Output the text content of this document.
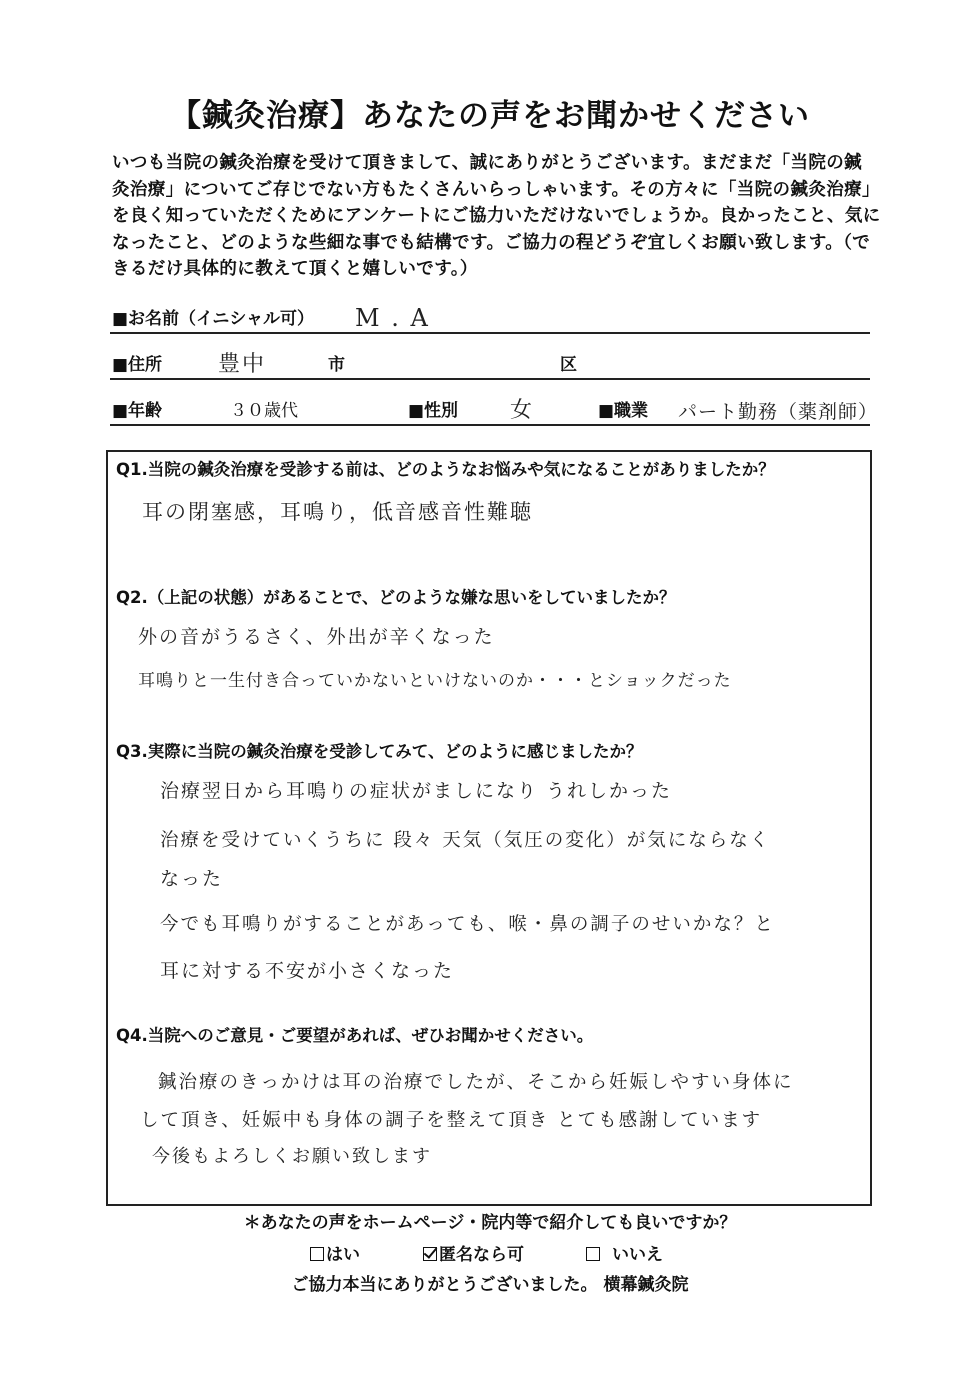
【鍼灸治療】あなたの声をお聞かせください
いつも当院の鍼灸治療を受けて頂きまして、誠にありがとうございます。まだまだ「当院の鍼
灸治療」についてご存じでない方もたくさんいらっしゃいます。その方々に「当院の鍼灸治療」
を良く知っていただくためにアンケートにご協力いただけないでしょうか。良かったこと、気に
なったこと、どのような些細な事でも結構です。ご協力の程どうぞ宜しくお願い致します。（で
きるだけ具体的に教えて頂くと嬉しいです。）
■お名前（イニシャル可） M . A
■住所	豊中	市	区
■年齢	３０歳代	■性別 女	■職業 パート勤務（薬剤師）
Q1.当院の鍼灸治療を受診する前は、どのようなお悩みや気になることがありましたか？
耳の閉塞感，耳鳴り，低音感音性難聴
Q2.（上記の状態）があることで、どのような嫌な思いをしていましたか？
外の音がうるさく、外出が辛くなった
耳鳴りと一生付き合っていかないといけないのか・・・とショックだった
Q3.実際に当院の鍼灸治療を受診してみて、どのように感じましたか？
治療翌日から耳鳴りの症状がましになり うれしかった
治療を受けていくうちに 段々 天気（気圧の変化）が気にならなく
なった
今でも耳鳴りがすることがあっても、喉・鼻の調子のせいかな？と
耳に対する不安が小さくなった
Q4.当院へのご意見・ご要望があれば、ぜひお聞かせください。
鍼治療のきっかけは耳の治療でしたが、そこから妊娠しやすい身体に
して頂き、妊娠中も身体の調子を整えて頂き とても感謝しています
今後もよろしくお願い致します
＊あなたの声をホームページ・院内等で紹介しても良いですか？
はい	匿名なら可	いいえ
ご協力本当にありがとうございました。 横幕鍼灸院
